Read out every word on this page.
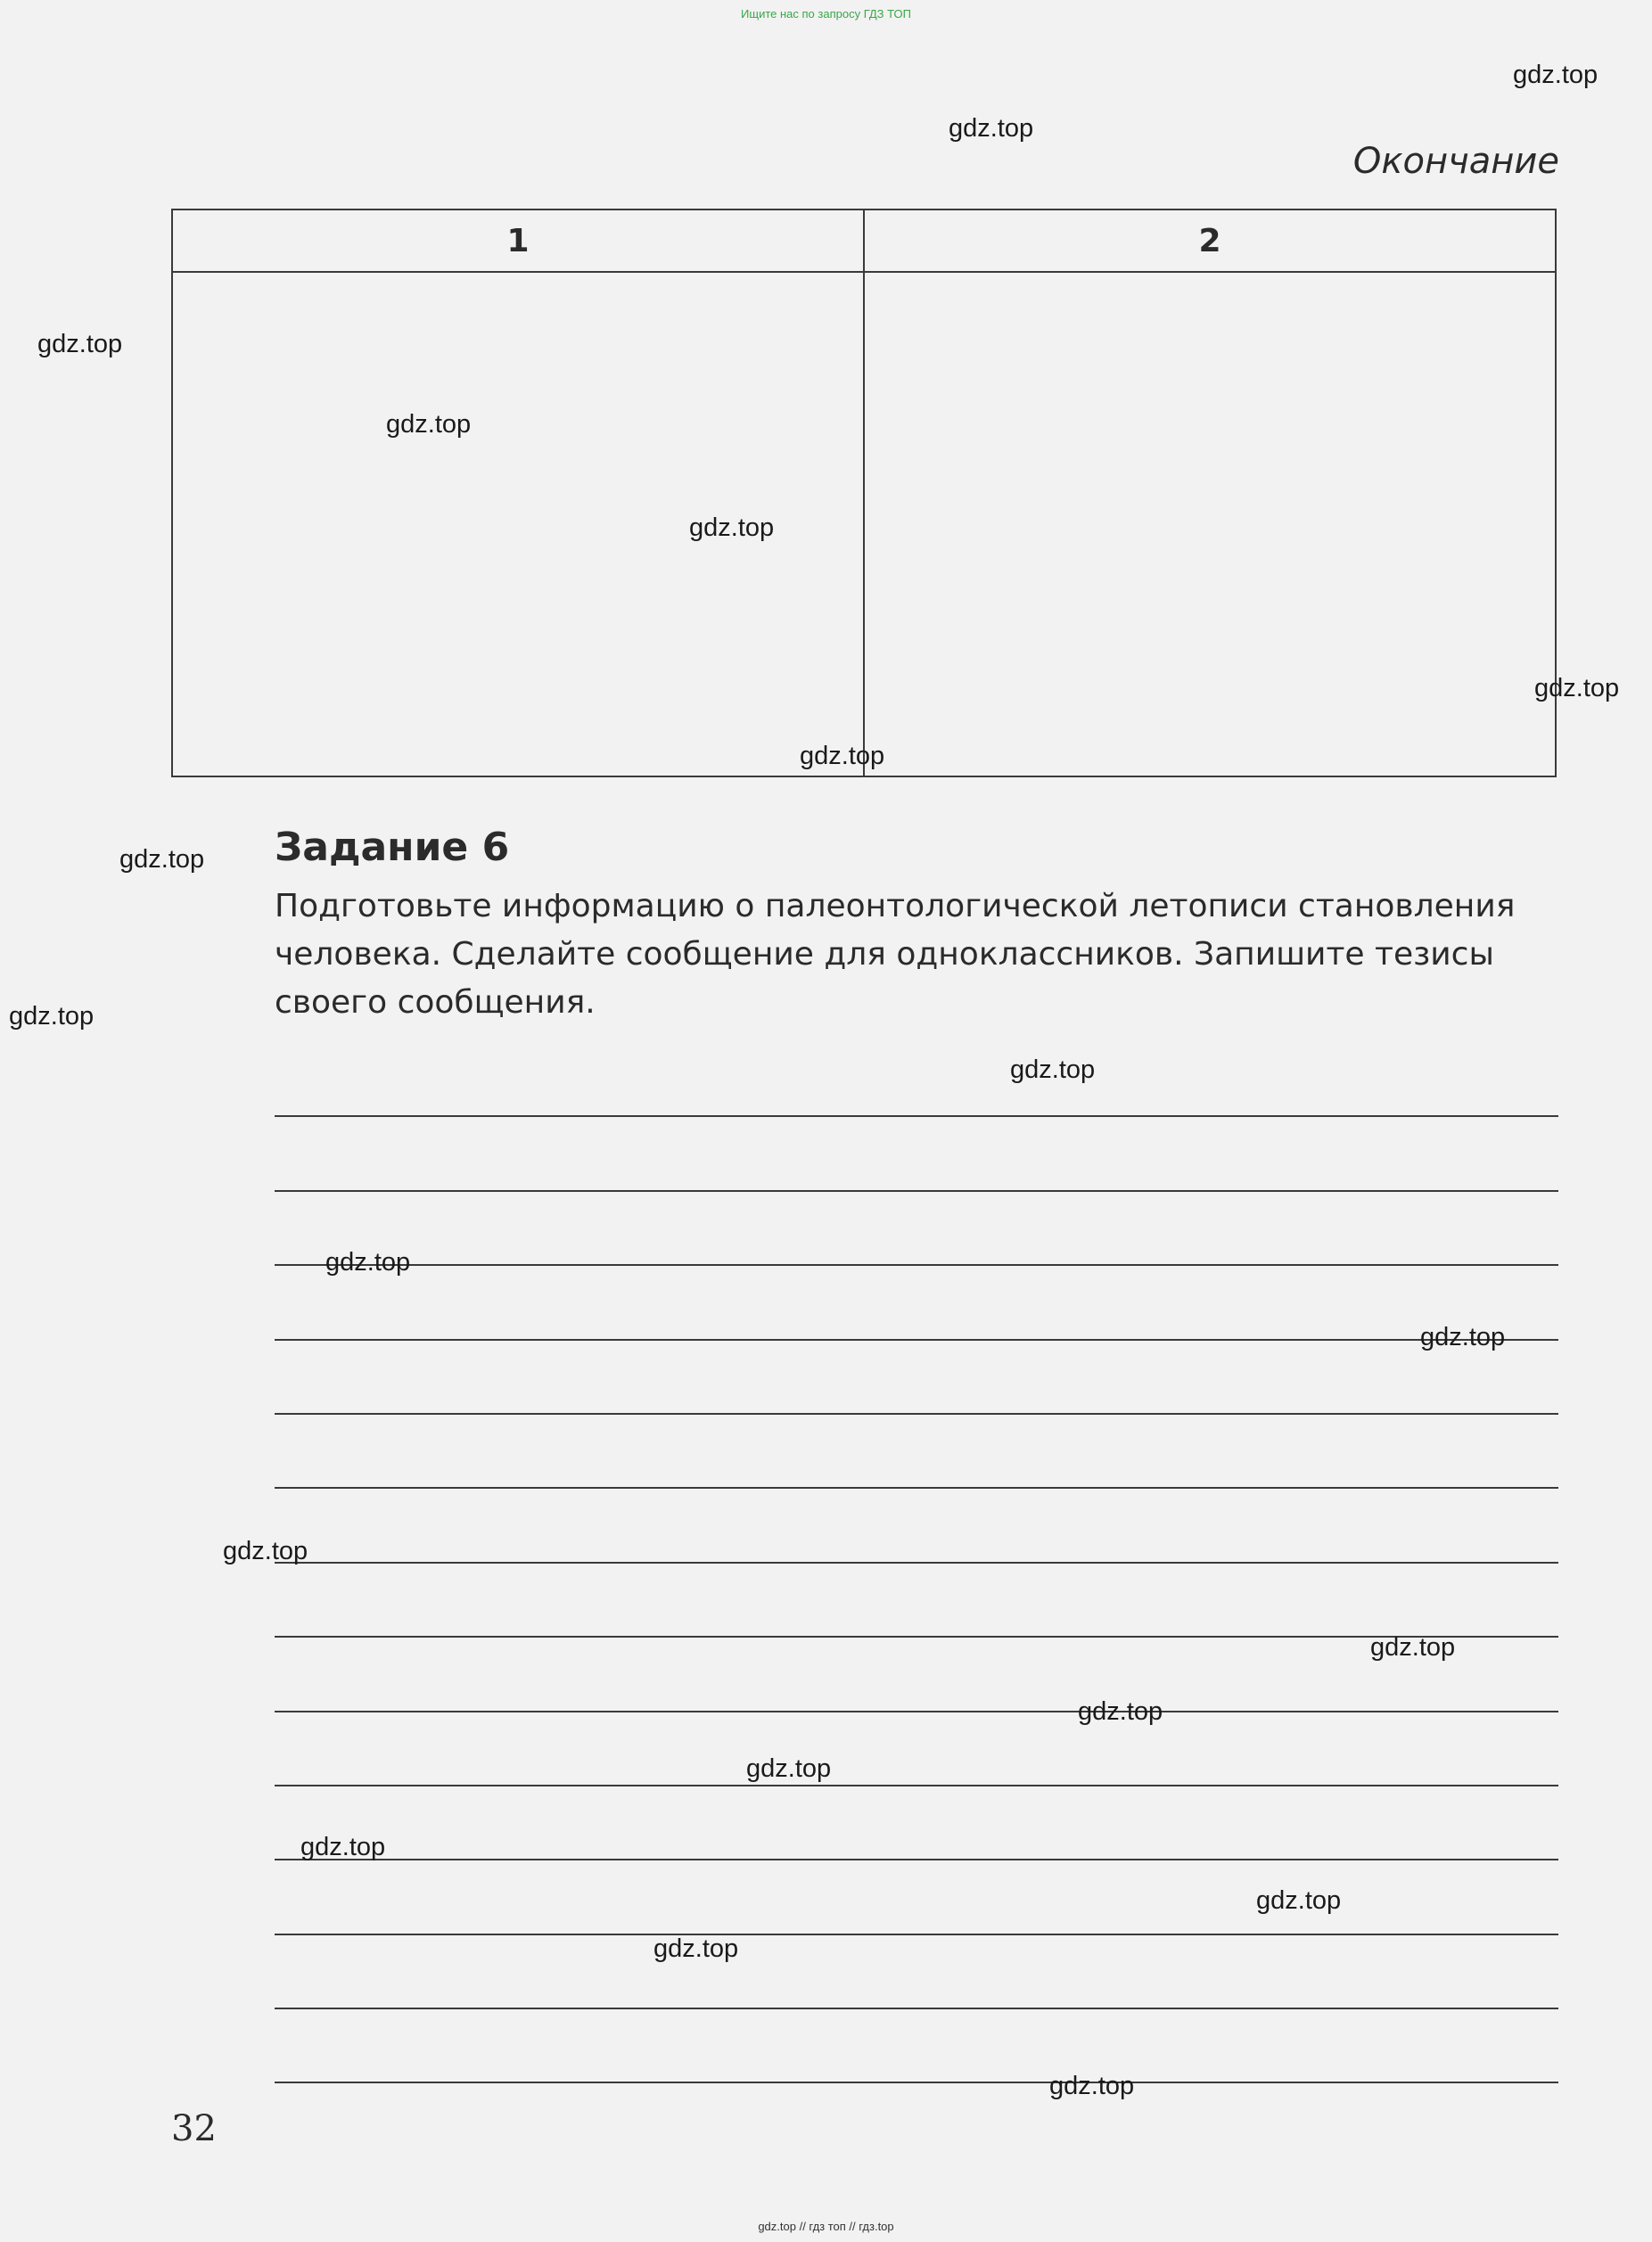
Ищите нас по запросу ГДЗ ТОП
Окончание
1	2
Задание 6
Подготовьте информацию о палеонтологической летописи становления
человека. Сделайте сообщение для одноклассников. Запишите тезисы
своего сообщения.
32
gdz.top // гдз топ // гдз.top
gdz.top
gdz.top
gdz.top
gdz.top
gdz.top
gdz.top
gdz.top
gdz.top
gdz.top
gdz.top
gdz.top
gdz.top
gdz.top
gdz.top
gdz.top
gdz.top
gdz.top
gdz.top
gdz.top
gdz.top
